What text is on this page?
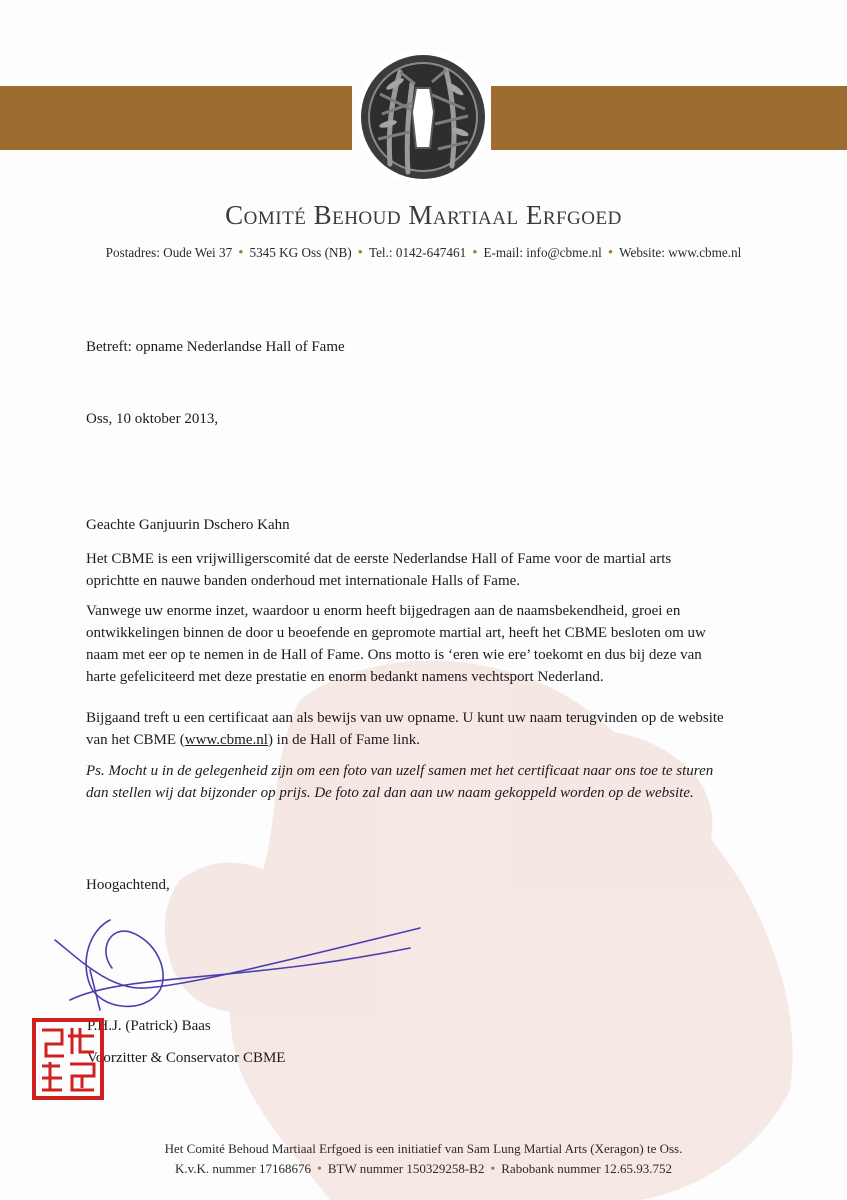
Comité Behoud Martiaal Erfgoed
Postadres: Oude Wei 37 • 5345 KG Oss (NB) • Tel.: 0142-647461 • E-mail: info@cbme.nl • Website: www.cbme.nl
Betreft: opname Nederlandse Hall of Fame
Oss, 10 oktober 2013,
Geachte Ganjuurin Dschero Kahn
Het CBME is een vrijwilligerscomité dat de eerste Nederlandse Hall of Fame voor de martial arts oprichtte en nauwe banden onderhoud met internationale Halls of Fame.
Vanwege uw enorme inzet, waardoor u enorm heeft bijgedragen aan de naamsbekendheid, groei en ontwikkelingen binnen de door u beoefende en gepromote martial art, heeft het CBME besloten om uw naam met eer op te nemen in de Hall of Fame. Ons motto is ‘eren wie ere’ toekomt en dus bij deze van harte gefeliciteerd met deze prestatie en enorm bedankt namens vechtsport Nederland.
Bijgaand treft u een certificaat aan als bewijs van uw opname. U kunt uw naam terugvinden op de website van het CBME (www.cbme.nl) in de Hall of Fame link.
Ps. Mocht u in de gelegenheid zijn om een foto van uzelf samen met het certificaat naar ons toe te sturen dan stellen wij dat bijzonder op prijs. De foto zal dan aan uw naam gekoppeld worden op de website.
Hoogachtend,
P.H.J. (Patrick) Baas
Voorzitter & Conservator CBME
Het Comité Behoud Martiaal Erfgoed is een initiatief van Sam Lung Martial Arts (Xeragon) te Oss.
K.v.K. nummer 17168676 • BTW nummer 150329258-B2 • Rabobank nummer 12.65.93.752
